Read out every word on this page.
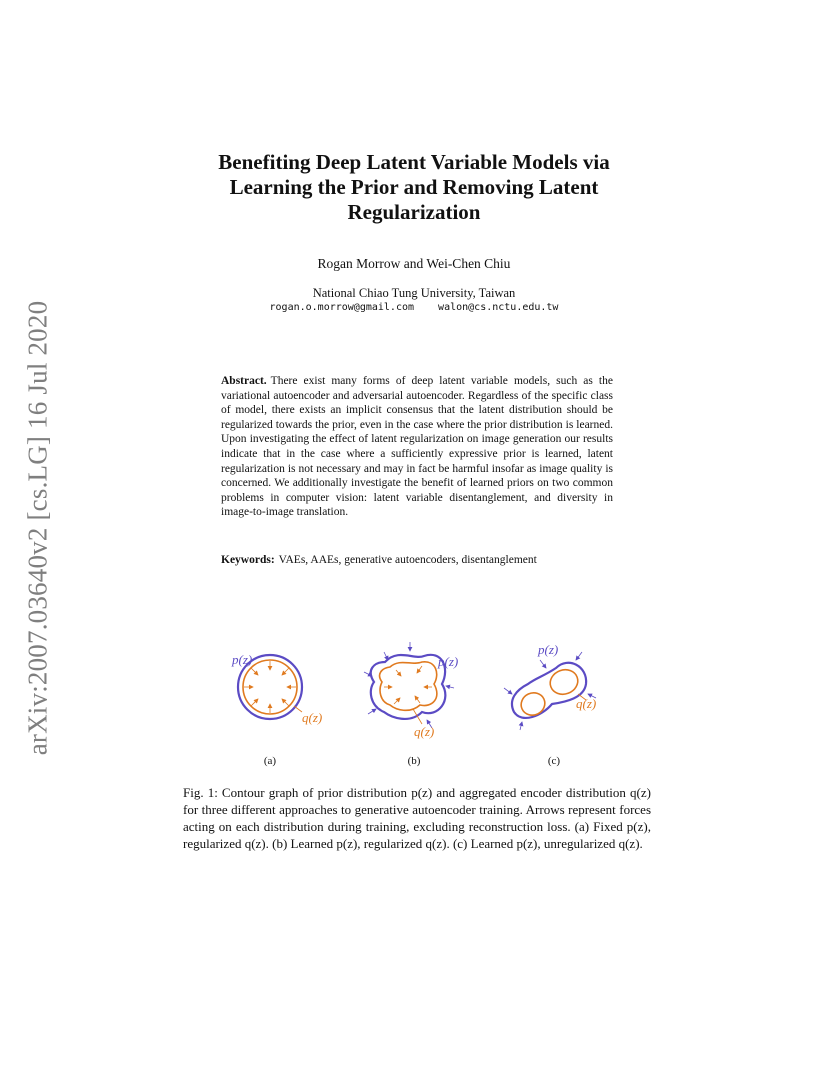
arXiv:2007.03640v2 [cs.LG] 16 Jul 2020
Benefiting Deep Latent Variable Models via
Learning the Prior and Removing Latent
Regularization
Rogan Morrow and Wei-Chen Chiu
National Chiao Tung University, Taiwan
rogan.o.morrow@gmail.com walon@cs.nctu.edu.tw
Abstract. There exist many forms of deep latent variable models, such as the variational autoencoder and adversarial autoencoder. Regardless of the specific class of model, there exists an implicit consensus that the latent distribution should be regularized towards the prior, even in the case where the prior distribution is learned. Upon investigating the effect of latent regularization on image generation our results indicate that in the case where a sufficiently expressive prior is learned, latent regularization is not necessary and may in fact be harmful insofar as image quality is concerned. We additionally investigate the benefit of learned priors on two common problems in computer vision: latent variable disentanglement, and diversity in image-to-image translation.
Keywords: VAEs, AAEs, generative autoencoders, disentanglement
p(z)
q(z)
(a)
p(z)
q(z)
(b)
p(z)
q(z)
(c)
Fig. 1: Contour graph of prior distribution p(z) and aggregated encoder distribution q(z) for three different approaches to generative autoencoder training. Arrows represent forces acting on each distribution during training, excluding reconstruction loss. (a) Fixed p(z), regularized q(z). (b) Learned p(z), regularized q(z). (c) Learned p(z), unregularized q(z).
